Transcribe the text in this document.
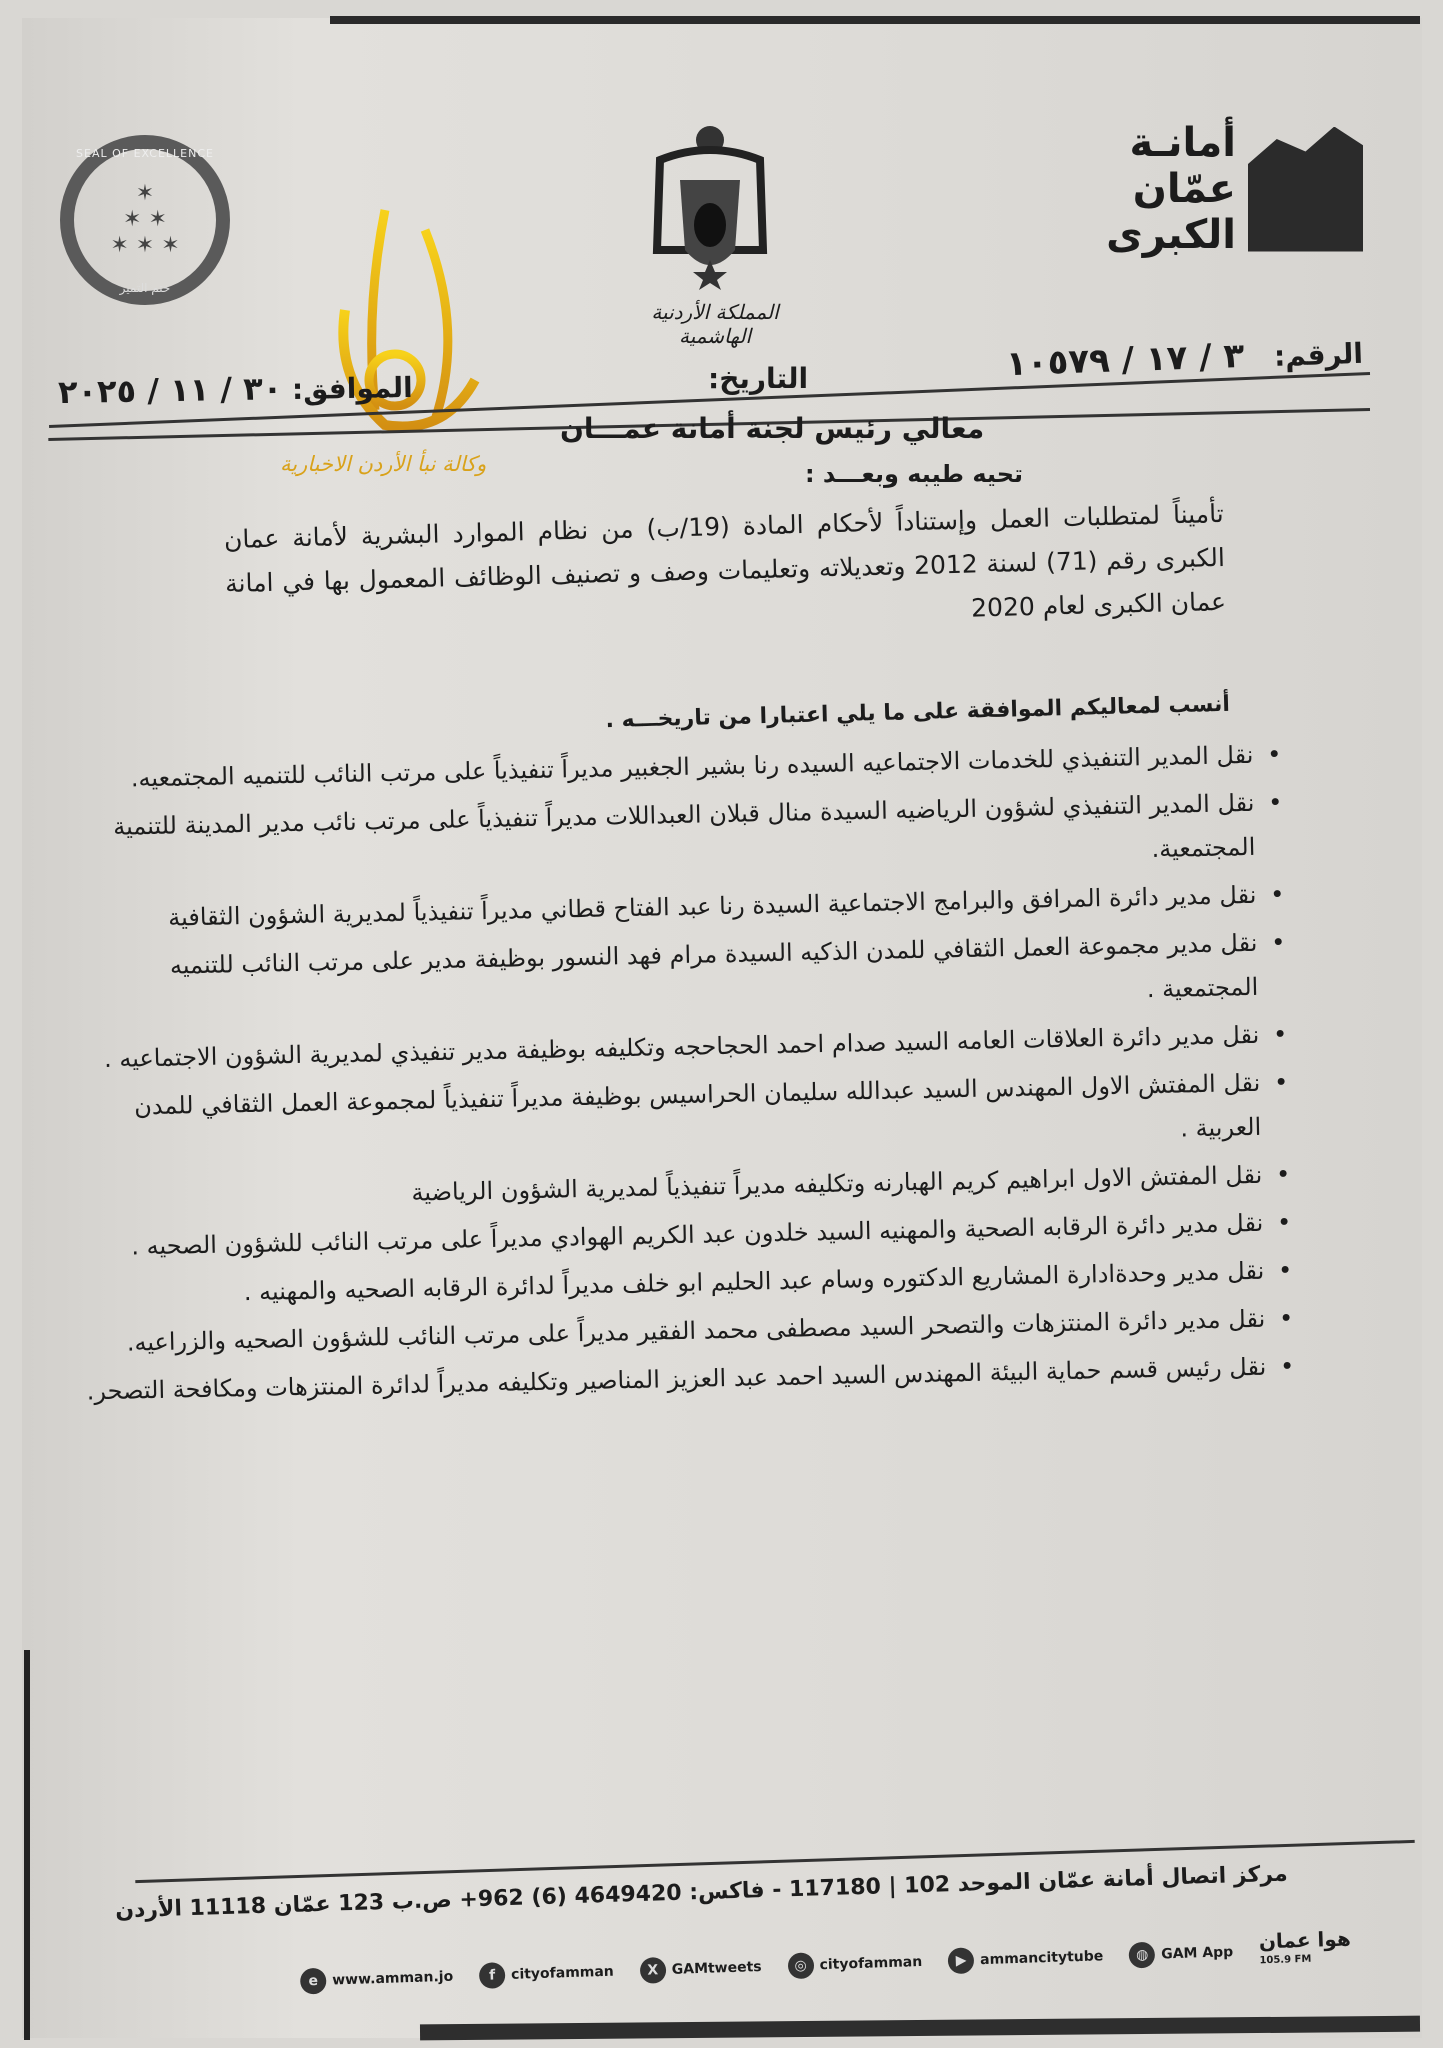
أمانـة
عمّان
الكبرى
المملكة الأردنية الهاشمية
SEAL OF EXCELLENCE
✶
✶ ✶
✶ ✶ ✶
ختم التميز
وكالة نبأ الأردن الاخبارية
الرقم: ٣ / ١٧ / ١٠٥٧٩
التاريخ:
الموافق: ٣٠ / ١١ / ٢٠٢٥
معالي رئيس لجنة أمانة عمـــان
تحيه طيبه وبعـــد :
تأميناً لمتطلبات العمل وإستناداً لأحكام المادة (19/ب) من نظام الموارد البشرية لأمانة عمان الكبرى رقم (71) لسنة 2012 وتعديلاته وتعليمات وصف و تصنيف الوظائف المعمول بها في امانة عمان الكبرى لعام 2020
أنسب لمعاليكم الموافقة على ما يلي اعتبارا من تاريخـــه .
• نقل المدير التنفيذي للخدمات الاجتماعيه السيده رنا بشير الجغبير مديراً تنفيذياً على مرتب النائب للتنميه المجتمعيه.
• نقل المدير التنفيذي لشؤون الرياضيه السيدة منال قبلان العبداللات مديراً تنفيذياً على مرتب نائب مدير المدينة للتنمية المجتمعية.
• نقل مدير دائرة المرافق والبرامج الاجتماعية السيدة رنا عبد الفتاح قطاني مديراً تنفيذياً لمديرية الشؤون الثقافية
• نقل مدير مجموعة العمل الثقافي للمدن الذكيه السيدة مرام فهد النسور بوظيفة مدير على مرتب النائب للتنميه المجتمعية .
• نقل مدير دائرة العلاقات العامه السيد صدام احمد الحجاحجه وتكليفه بوظيفة مدير تنفيذي لمديرية الشؤون الاجتماعيه .
• نقل المفتش الاول المهندس السيد عبدالله سليمان الحراسيس بوظيفة مديراً تنفيذياً لمجموعة العمل الثقافي للمدن العربية .
• نقل المفتش الاول ابراهيم كريم الهبارنه وتكليفه مديراً تنفيذياً لمديرية الشؤون الرياضية
• نقل مدير دائرة الرقابه الصحية والمهنيه السيد خلدون عبد الكريم الهوادي مديراً على مرتب النائب للشؤون الصحيه .
• نقل مدير وحدةادارة المشاريع الدكتوره وسام عبد الحليم ابو خلف مديراً لدائرة الرقابه الصحيه والمهنيه .
• نقل مدير دائرة المنتزهات والتصحر السيد مصطفى محمد الفقير مديراً على مرتب النائب للشؤون الصحيه والزراعيه.
• نقل رئيس قسم حماية البيئة المهندس السيد احمد عبد العزيز المناصير وتكليفه مديراً لدائرة المنتزهات ومكافحة التصحر.
مركز اتصال أمانة عمّان الموحد 102 | 117180 - فاكس: 4649420 (6) 962+ ص.ب 123 عمّان 11118 الأردن
e www.amman.jo	f	cityofamman	X GAMtweets	◎ cityofamman	▶ ammancitytube	◍ GAM App هوا عمان
105.9 FM
